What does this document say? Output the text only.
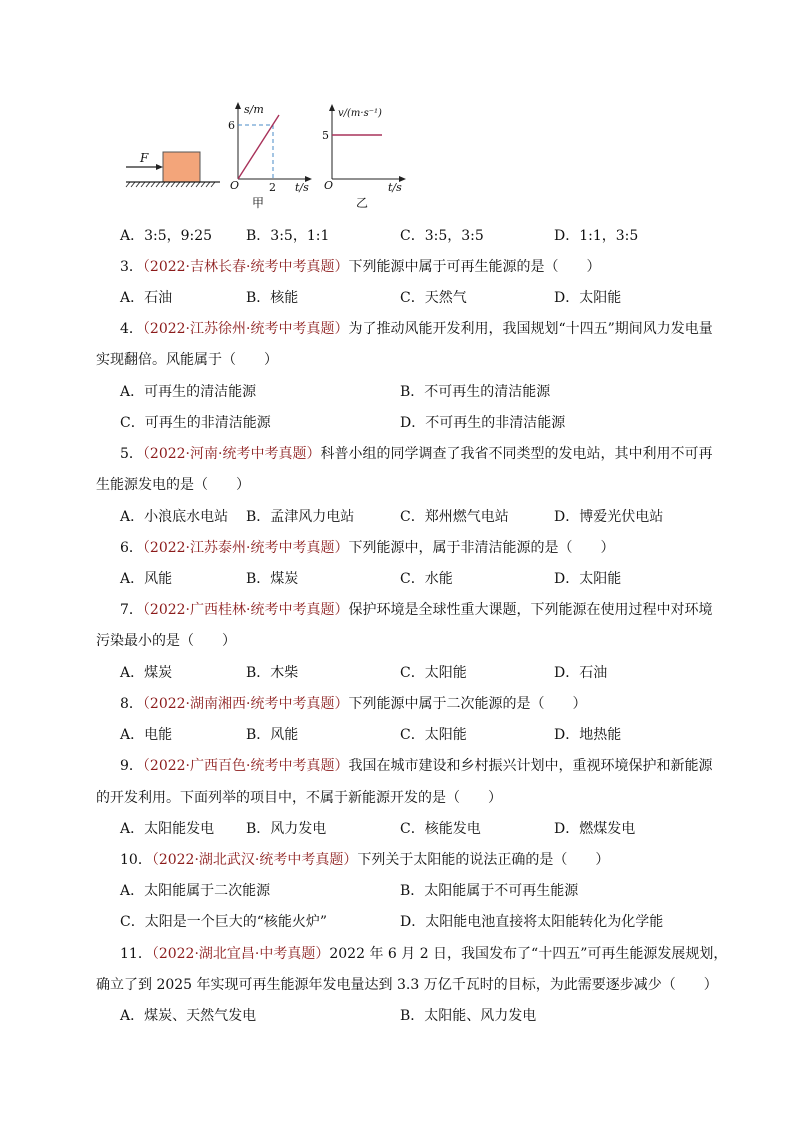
F
s/m
6
O	2 t/s
甲
v/(m·s⁻¹)
5
O	t/s
乙
A．3:5，9:25 B．3:5，1:1	C．3:5，3:5	D．1:1，3:5
3．（2022·吉林长春·统考中考真题）下列能源中属于可再生能源的是（　　）
A．石油	B．核能	C．天然气	D．太阳能
4．（2022·江苏徐州·统考中考真题）为了推动风能开发利用，我国规划“十四五”期间风力发电量
实现翻倍。风能属于（　　）
A．可再生的清洁能源	B．不可再生的清洁能源
C．可再生的非清洁能源	D．不可再生的非清洁能源
5．（2022·河南·统考中考真题）科普小组的同学调查了我省不同类型的发电站，其中利用不可再
生能源发电的是（　　）
A．小浪底水电站 B．孟津风力电站	C．郑州燃气电站	D．博爱光伏电站
6．（2022·江苏泰州·统考中考真题）下列能源中，属于非清洁能源的是（　　）
A．风能	B．煤炭	C．水能	D．太阳能
7．（2022·广西桂林·统考中考真题）保护环境是全球性重大课题，下列能源在使用过程中对环境
污染最小的是（　　）
A．煤炭	B．木柴	C．太阳能	D．石油
8．（2022·湖南湘西·统考中考真题）下列能源中属于二次能源的是（　　）
A．电能	B．风能	C．太阳能	D．地热能
9．（2022·广西百色·统考中考真题）我国在城市建设和乡村振兴计划中，重视环境保护和新能源
的开发利用。下面列举的项目中，不属于新能源开发的是（　　）
A．太阳能发电 B．风力发电	C．核能发电	D．燃煤发电
10．（2022·湖北武汉·统考中考真题）下列关于太阳能的说法正确的是（　　）
A．太阳能属于二次能源	B．太阳能属于不可再生能源
C．太阳是一个巨大的“核能火炉”	D．太阳能电池直接将太阳能转化为化学能
11．（2022·湖北宜昌·中考真题）2022 年 6 月 2 日，我国发布了“十四五”可再生能源发展规划，
确立了到 2025 年实现可再生能源年发电量达到 3.3 万亿千瓦时的目标，为此需要逐步减少（　　）
A．煤炭、天然气发电	B．太阳能、风力发电
